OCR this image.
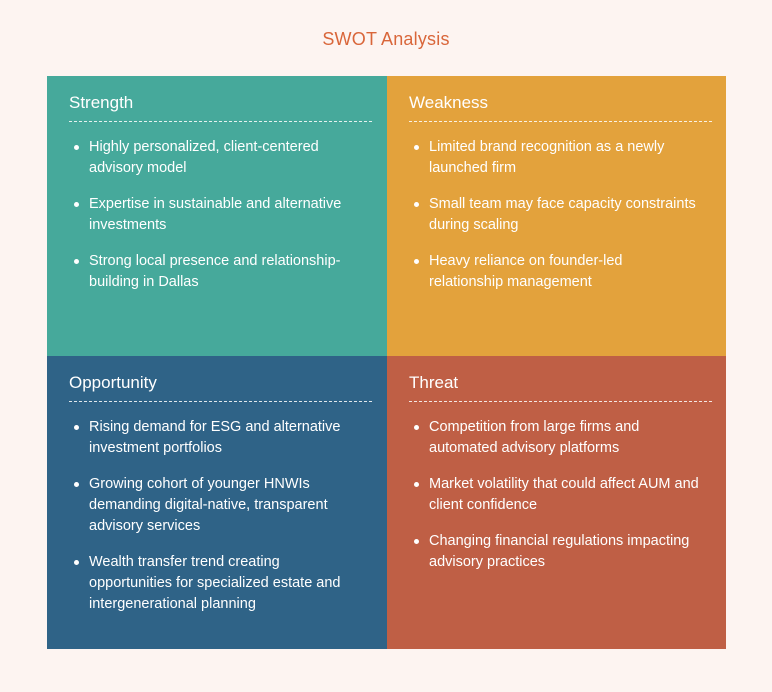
SWOT Analysis
Strength
Highly personalized, client-centered advisory model
Expertise in sustainable and alternative investments
Strong local presence and relationship-building in Dallas
Weakness
Limited brand recognition as a newly launched firm
Small team may face capacity constraints during scaling
Heavy reliance on founder-led relationship management
Opportunity
Rising demand for ESG and alternative investment portfolios
Growing cohort of younger HNWIs demanding digital-native, transparent advisory services
Wealth transfer trend creating opportunities for specialized estate and intergenerational planning
Threat
Competition from large firms and automated advisory platforms
Market volatility that could affect AUM and client confidence
Changing financial regulations impacting advisory practices
